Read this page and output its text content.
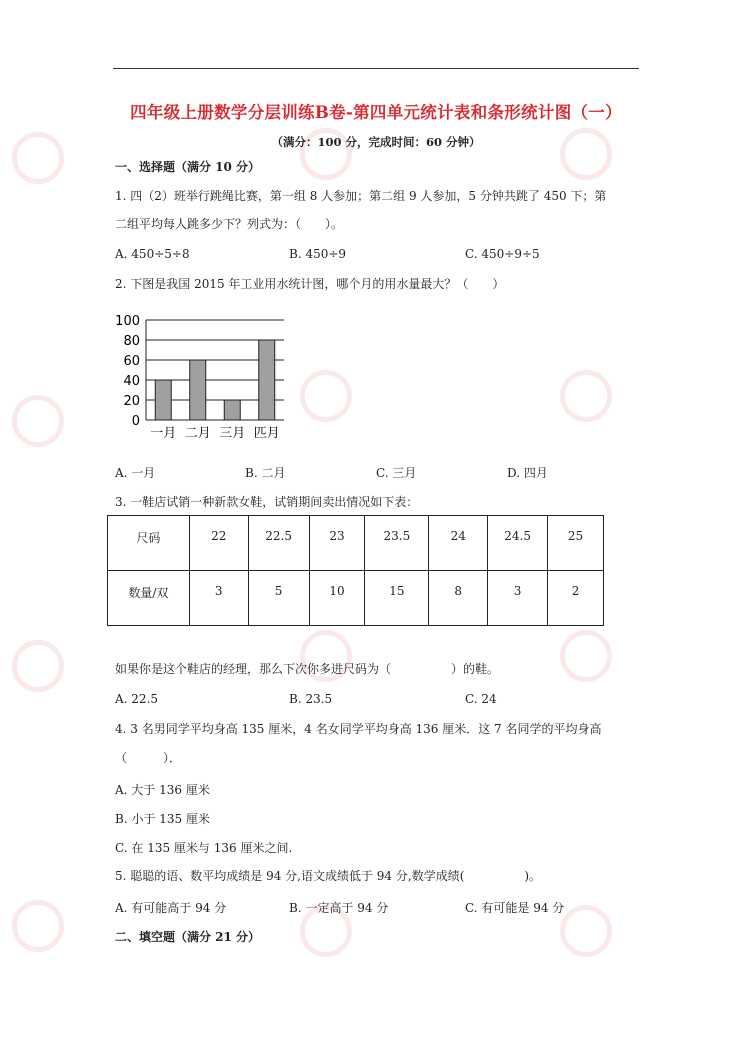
四年级上册数学分层训练B卷-第四单元统计表和条形统计图（一）
（满分：100 分，完成时间：60 分钟）
一、选择题（满分 10 分）
1. 四（2）班举行跳绳比赛，第一组 8 人参加；第二组 9 人参加，5 分钟共跳了 450 下；第
二组平均每人跳多少下？列式为：（　　）。
A. 450÷5÷8	B. 450÷9	C. 450÷9÷5
2. 下图是我国 2015 年工业用水统计图，哪个月的用水量最大？（　　）
0
20
40
60
80
100
一月 二月 三月 匹月
A. 一月	B. 二月	C. 三月	D. 四月
3. 一鞋店试销一种新款女鞋，试销期间卖出情况如下表：
尺码	22	22.5	23	23.5	24	24.5	25
数量/双	3	5	10	15	8	3	2
如果你是这个鞋店的经理，那么下次你多进尺码为（　　　　　）的鞋。
A. 22.5	B. 23.5	C. 24
4. 3 名男同学平均身高 135 厘米，4 名女同学平均身高 136 厘米．这 7 名同学的平均身高
（　　　）．
A. 大于 136 厘米
B. 小于 135 厘米
C. 在 135 厘米与 136 厘米之间.
5. 聪聪的语、数平均成绩是 94 分,语文成绩低于 94 分,数学成绩(　　　　　)。
A. 有可能高于 94 分	B. 一定高于 94 分	C. 有可能是 94 分
二、填空题（满分 21 分）
